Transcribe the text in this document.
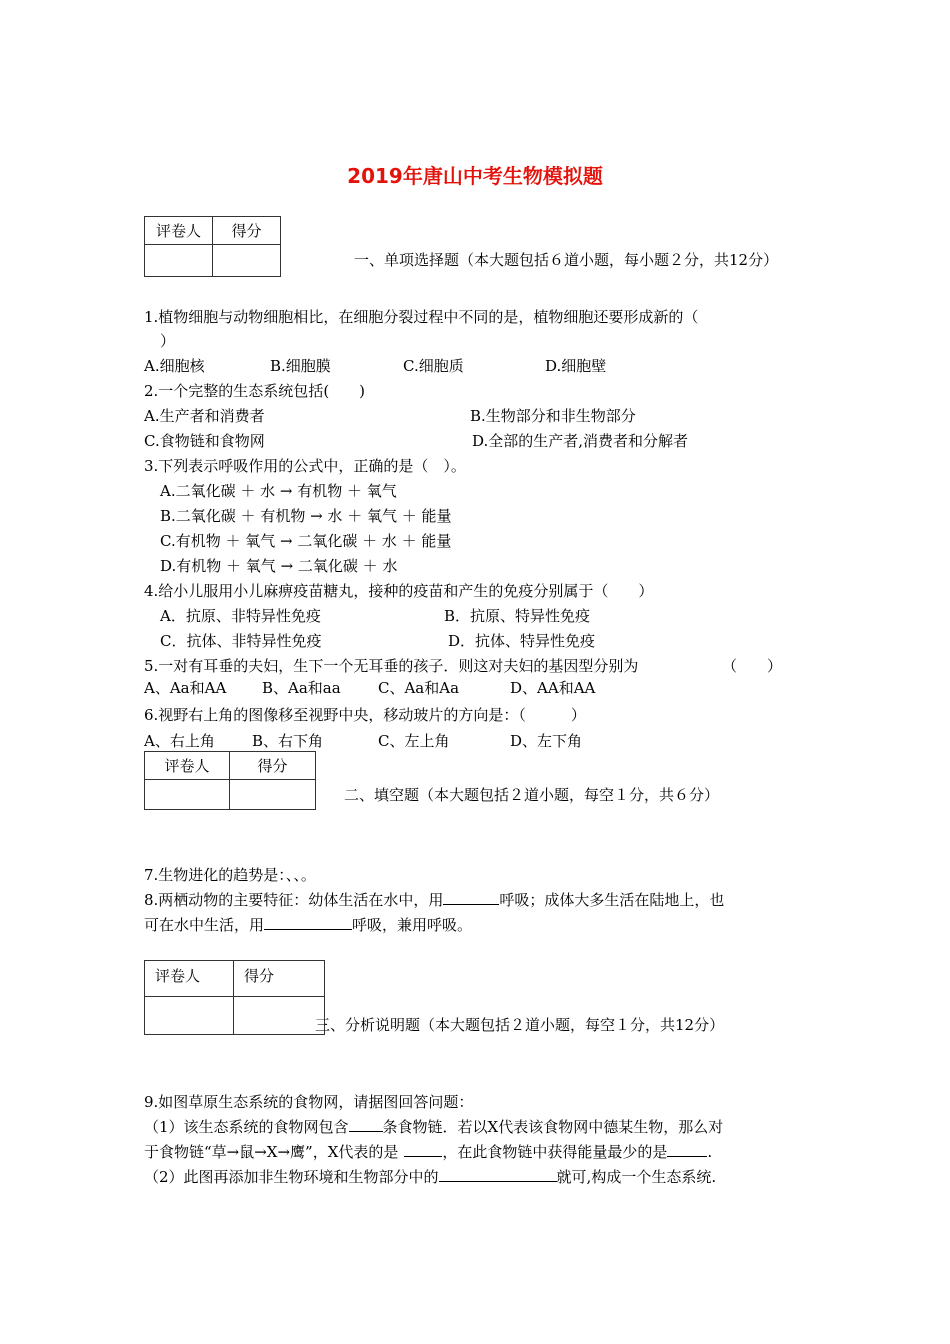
2019年唐山中考生物模拟题
评卷人	得分

一、单项选择题（本大题包括６道小题，每小题２分，共12分）
1.植物细胞与动物细胞相比，在细胞分裂过程中不同的是，植物细胞还要形成新的（
）
A.细胞核	B.细胞膜	C.细胞质	D.细胞壁
2.一个完整的生态系统包括(　　)
A.生产者和消费者	B.生物部分和非生物部分
C.食物链和食物网	D.全部的生产者,消费者和分解者
3.下列表示呼吸作用的公式中，正确的是（　）。
A.二氧化碳 ＋ 水 → 有机物 ＋ 氧气
B.二氧化碳 ＋ 有机物 → 水 ＋ 氧气 ＋ 能量
C.有机物 ＋ 氧气 → 二氧化碳 ＋ 水 ＋ 能量
D.有机物 ＋ 氧气 → 二氧化碳 ＋ 水
4.给小儿服用小儿麻痹疫苗糖丸，接种的疫苗和产生的免疫分别属于（　　）
A．抗原、非特异性免疫	B．抗原、特异性免疫
C．抗体、非特异性免疫	D．抗体、特异性免疫
5.一对有耳垂的夫妇，生下一个无耳垂的孩子．则这对夫妇的基因型分别为	（　　）
A、Aa和AA B、Aa和aa C、Aa和Aa	D、AA和AA
6.视野右上角的图像移至视野中央，移动玻片的方向是：（　　　）
A、右上角 B、右下角	C、左上角	D、左下角
评卷人	得分

二、填空题（本大题包括２道小题，每空１分，共６分）
7.生物进化的趋势是：、、。
8.两栖动物的主要特征：幼体生活在水中，用	呼吸；成体大多生活在陆地上，也
可在水中生活，用	呼吸，兼用呼吸。
评卷人	得分

三、分析说明题（本大题包括２道小题，每空１分，共12分）
9.如图草原生态系统的食物网，请据图回答问题：
（1）该生态系统的食物网包含 条食物链．若以X代表该食物网中德某生物，那么对
于食物链“草→鼠→X→鹰”，X代表的是	，在此食物链中获得能量最少的是	.
（2）此图再添加非生物环境和生物部分中的	就可,构成一个生态系统.
